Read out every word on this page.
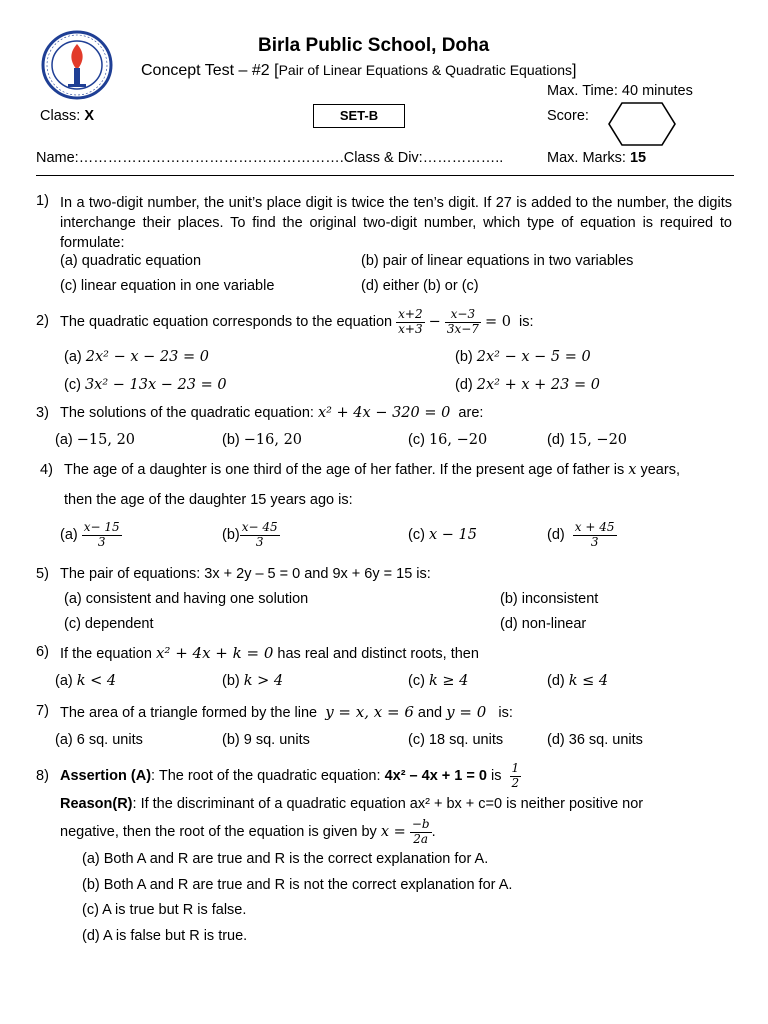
Birla Public School, Doha
Concept Test – #2 [Pair of Linear Equations & Quadratic Equations]
Max. Time: 40 minutes
Class: X	SET-B	Score:
Name:……………………………………………….Class & Div:……………..	Max. Marks: 15
1) In a two-digit number, the unit’s place digit is twice the ten’s digit. If 27 is added to the number, the digits interchange their places. To find the original two-digit number, which type of equation is required to formulate:
(a) quadratic equation	(b) pair of linear equations in two variables
(c) linear equation in one variable	(d) either (b) or (c)
2) The quadratic equation corresponds to the equation $\frac{x+2}{x+3} - \frac{x-3}{3x-7} = 0$ is:
(a) 2x² − x − 23 = 0	(b) 2x² − x − 5 = 0
(c) 3x² − 13x − 23 = 0	(d) 2x² + x + 23 = 0
3) The solutions of the quadratic equation: x² + 4x − 320 = 0 are:
(a) −15, 20	(b) −16, 20	(c) 16, −20	(d) 15, −20
4) The age of a daughter is one third of the age of her father. If the present age of father is x years,
then the age of the daughter 15 years ago is:
$(a) \frac{x- 15}{3}$	$(b) \frac{x- 45}{3}$	(c) x − 15	$(d) \frac{x + 45}{3}$
5) The pair of equations: 3x + 2y – 5 = 0 and 9x + 6y = 15 is:
(a) consistent and having one solution	(b) inconsistent
(c) dependent	(d) non-linear
6) If the equation x² + 4x + k = 0 has real and distinct roots, then
(a) k < 4	(b) k > 4	(c) k ≥ 4	(d) k ≤ 4
7) The area of a triangle formed by the line y = x, x = 6 and y = 0 is:
(a) 6 sq. units	(b) 9 sq. units	(c) 18 sq. units	(d) 36 sq. units
8) Assertion (A): The root of the quadratic equation: 4x² – 4x + 1 = 0 is $\frac{1}{2}$
Reason(R): If the discriminant of a quadratic equation ax² + bx + c=0 is neither positive nor
negative, then the root of the equation is given by $x = \frac{-b}{2a}$ .
(a) Both A and R are true and R is the correct explanation for A.
(b) Both A and R are true and R is not the correct explanation for A.
(c) A is true but R is false.
(d) A is false but R is true.
